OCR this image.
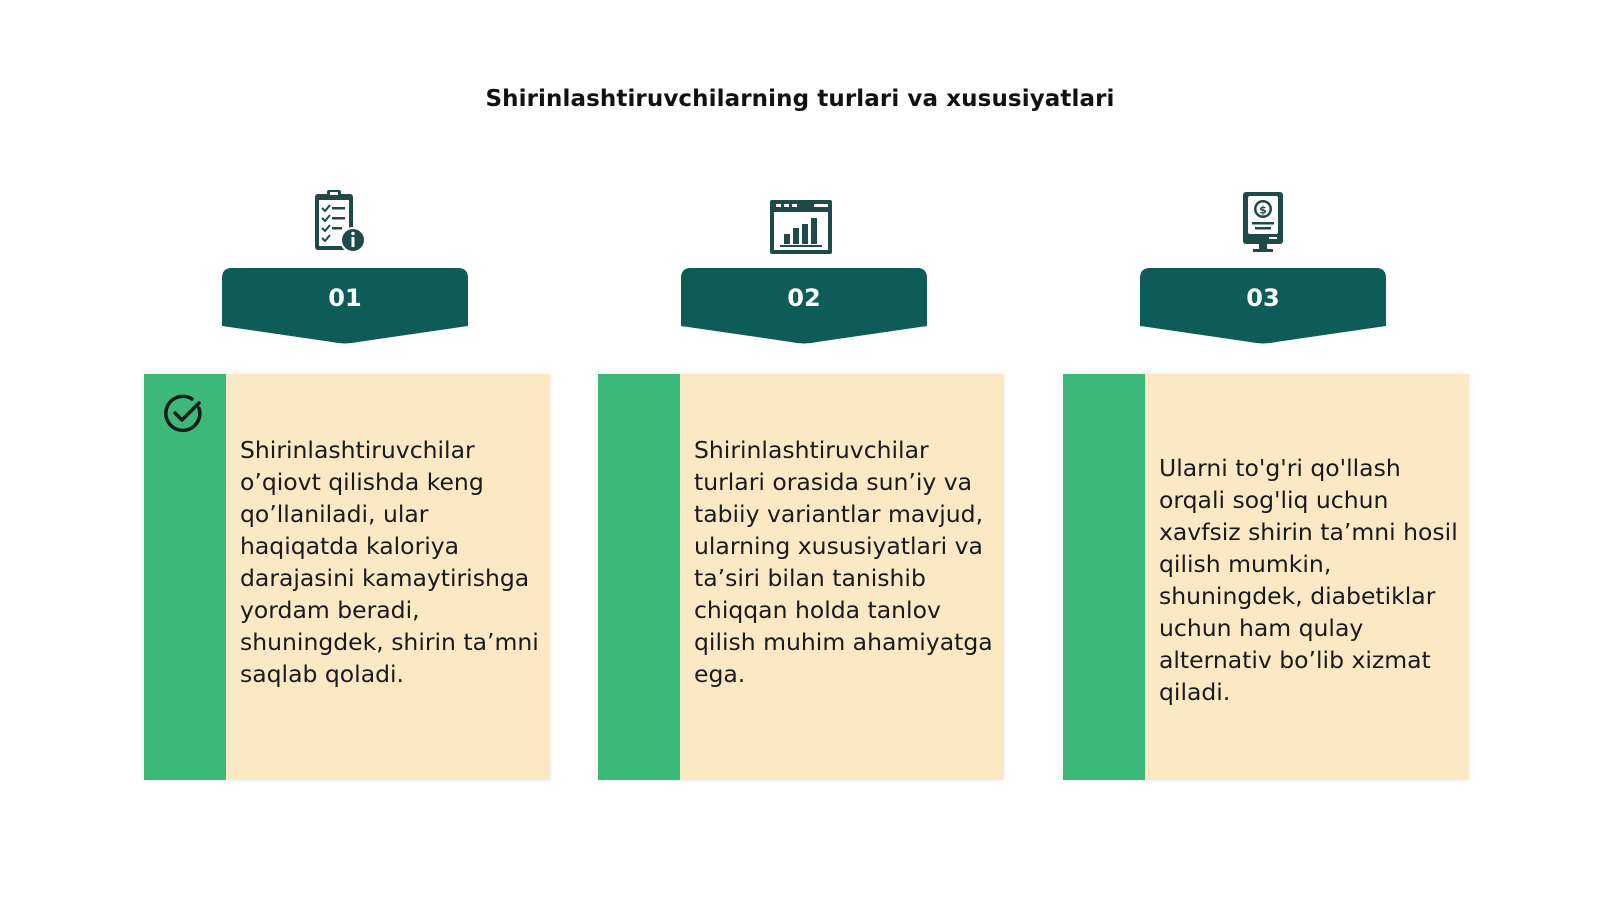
Shirinlashtiruvchilarning turlari va xususiyatlari
01
Shirinlashtiruvchilar o’qiovt qilishda keng qo’llaniladi, ular haqiqatda kaloriya darajasini kamaytirishga yordam beradi, shuningdek, shirin ta’mni saqlab qoladi.
02
Shirinlashtiruvchilar turlari orasida sun’iy va tabiiy variantlar mavjud, ularning xususiyatlari va ta’siri bilan tanishib chiqqan holda tanlov qilish muhim ahamiyatga ega.
$
03
Ularni to'g'ri qo'llash orqali sog'liq uchun xavfsiz shirin ta’mni hosil qilish mumkin, shuningdek, diabetiklar uchun ham qulay alternativ bo’lib xizmat qiladi.
